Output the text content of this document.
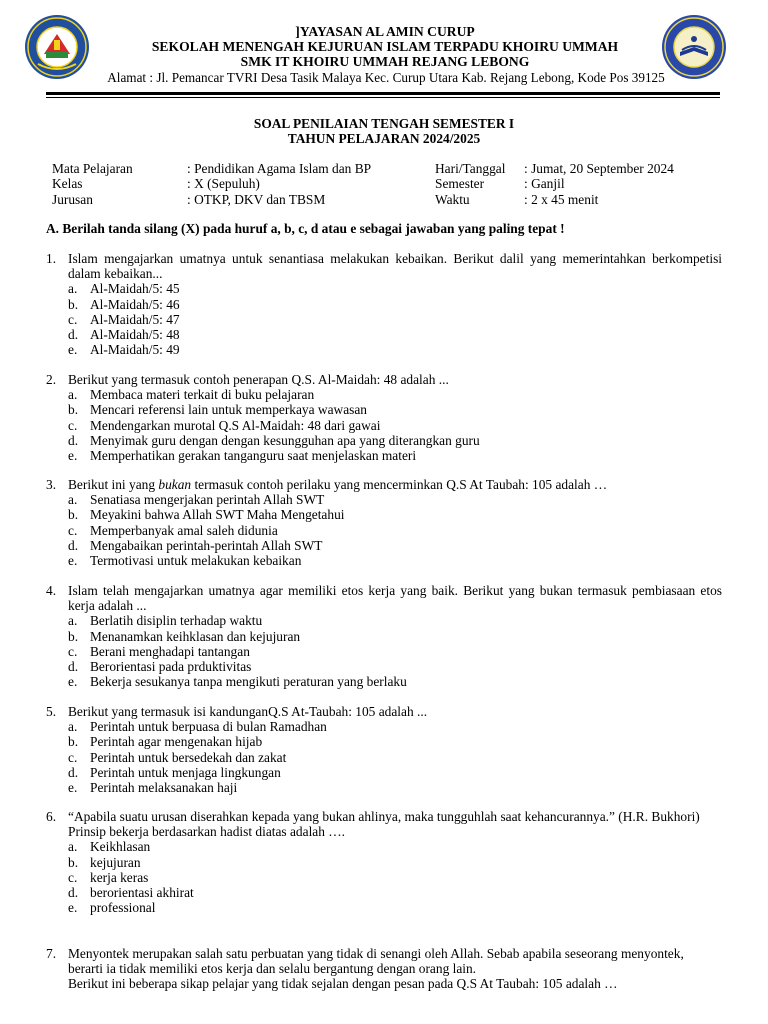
]YAYASAN AL AMIN CURUP
SEKOLAH MENENGAH KEJURUAN ISLAM TERPADU KHOIRU UMMAH
SMK IT KHOIRU UMMAH REJANG LEBONG
Alamat : Jl. Pemancar TVRI Desa Tasik Malaya Kec. Curup Utara Kab. Rejang Lebong, Kode Pos 39125
SOAL PENILAIAN TENGAH SEMESTER I
TAHUN PELAJARAN 2024/2025
Mata Pelajaran	: Pendidikan Agama Islam dan BP	Hari/Tanggal : Jumat, 20 September 2024
Kelas	: X (Sepuluh)	Semester	: Ganjil
Jurusan	: OTKP, DKV dan TBSM	Waktu	: 2 x 45 menit
A. Berilah tanda silang (X) pada huruf a, b, c, d atau e sebagai jawaban yang paling tepat !
1. Islam mengajarkan umatnya untuk senantiasa melakukan kebaikan. Berikut dalil yang memerintahkan berkompetisi dalam kebaikan...
a. Al-Maidah/5: 45
b. Al-Maidah/5: 46
c. Al-Maidah/5: 47
d. Al-Maidah/5: 48
e. Al-Maidah/5: 49
2. Berikut yang termasuk contoh penerapan Q.S. Al-Maidah: 48 adalah ...
a. Membaca materi terkait di buku pelajaran
b. Mencari referensi lain untuk memperkaya wawasan
c. Mendengarkan murotal Q.S Al-Maidah: 48 dari gawai
d. Menyimak guru dengan dengan kesungguhan apa yang diterangkan guru
e. Memperhatikan gerakan tanganguru saat menjelaskan materi
3. Berikut ini yang bukan termasuk contoh perilaku yang mencerminkan Q.S At Taubah: 105 adalah …
a. Senatiasa mengerjakan perintah Allah SWT
b. Meyakini bahwa Allah SWT Maha Mengetahui
c. Memperbanyak amal saleh didunia
d. Mengabaikan perintah-perintah Allah SWT
e. Termotivasi untuk melakukan kebaikan
4. Islam telah mengajarkan umatnya agar memiliki etos kerja yang baik. Berikut yang bukan termasuk pembiasaan etos kerja adalah ...
a. Berlatih disiplin terhadap waktu
b. Menanamkan keihklasan dan kejujuran
c. Berani menghadapi tantangan
d. Berorientasi pada prduktivitas
e. Bekerja sesukanya tanpa mengikuti peraturan yang berlaku
5. Berikut yang termasuk isi kandunganQ.S At-Taubah: 105 adalah ...
a. Perintah untuk berpuasa di bulan Ramadhan
b. Perintah agar mengenakan hijab
c. Perintah untuk bersedekah dan zakat
d. Perintah untuk menjaga lingkungan
e. Perintah melaksanakan haji
6. “Apabila suatu urusan diserahkan kepada yang bukan ahlinya, maka tungguhlah saat kehancurannya.” (H.R. Bukhori)
Prinsip bekerja berdasarkan hadist diatas adalah ….
a. Keikhlasan
b. kejujuran
c. kerja keras
d. berorientasi akhirat
e. professional
7. Menyontek merupakan salah satu perbuatan yang tidak di senangi oleh Allah. Sebab apabila seseorang menyontek, berarti ia tidak memiliki etos kerja dan selalu bergantung dengan orang lain.
Berikut ini beberapa sikap pelajar yang tidak sejalan dengan pesan pada Q.S At Taubah: 105 adalah …
